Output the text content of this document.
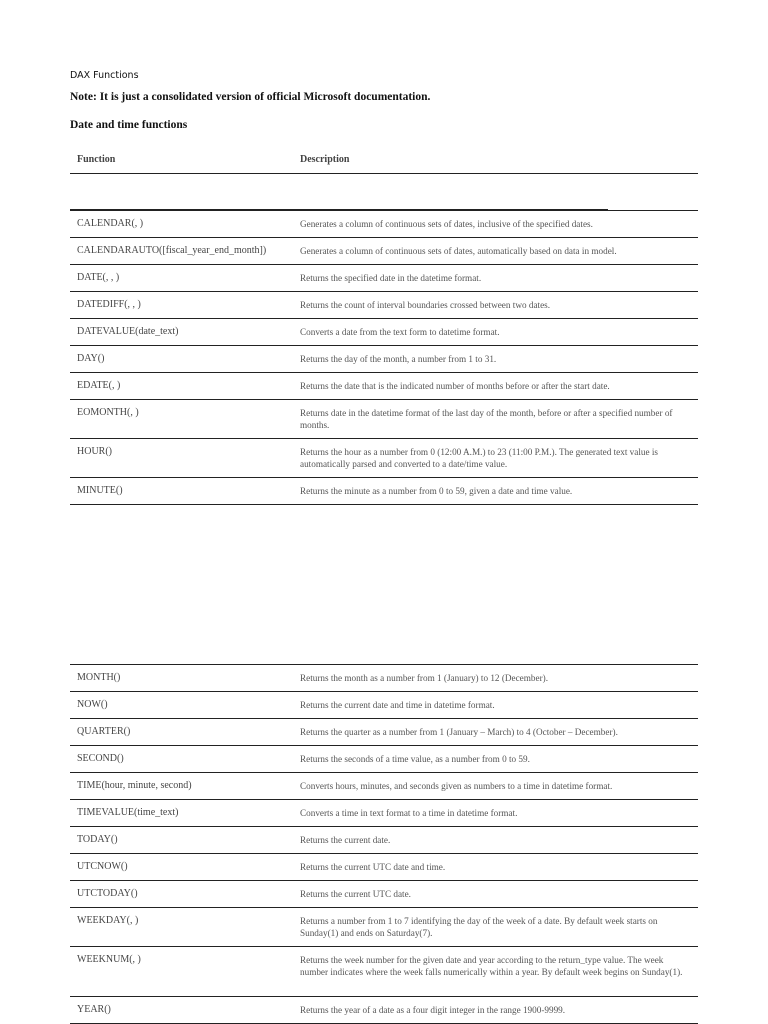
DAX Functions
Note: It is just a consolidated version of official Microsoft documentation.
Date and time functions
Function	Description
CALENDAR(, )	Generates a column of continuous sets of dates, inclusive of the specified dates.
CALENDARAUTO([fiscal_year_end_month])	Generates a column of continuous sets of dates, automatically based on data in model.
DATE(, , )	Returns the specified date in the datetime format.
DATEDIFF(, , )	Returns the count of interval boundaries crossed between two dates.
DATEVALUE(date_text)	Converts a date from the text form to datetime format.
DAY()	Returns the day of the month, a number from 1 to 31.
EDATE(, )	Returns the date that is the indicated number of months before or after the start date.
EOMONTH(, )	Returns date in the datetime format of the last day of the month, before or after a specified number of months.
HOUR()	Returns the hour as a number from 0 (12:00 A.M.) to 23 (11:00 P.M.). The generated text value is automatically parsed and converted to a date/time value.
MINUTE()	Returns the minute as a number from 0 to 59, given a date and time value.
MONTH()	Returns the month as a number from 1 (January) to 12 (December).
NOW()	Returns the current date and time in datetime format.
QUARTER()	Returns the quarter as a number from 1 (January – March) to 4 (October – December).
SECOND()	Returns the seconds of a time value, as a number from 0 to 59.
TIME(hour, minute, second)	Converts hours, minutes, and seconds given as numbers to a time in datetime format.
TIMEVALUE(time_text)	Converts a time in text format to a time in datetime format.
TODAY()	Returns the current date.
UTCNOW()	Returns the current UTC date and time.
UTCTODAY()	Returns the current UTC date.
WEEKDAY(, )	Returns a number from 1 to 7 identifying the day of the week of a date. By default week starts on Sunday(1) and ends on Saturday(7).
WEEKNUM(, )	Returns the week number for the given date and year according to the return_type value. The week number indicates where the week falls numerically within a year. By default week begins on Sunday(1).
YEAR()	Returns the year of a date as a four digit integer in the range 1900-9999.
